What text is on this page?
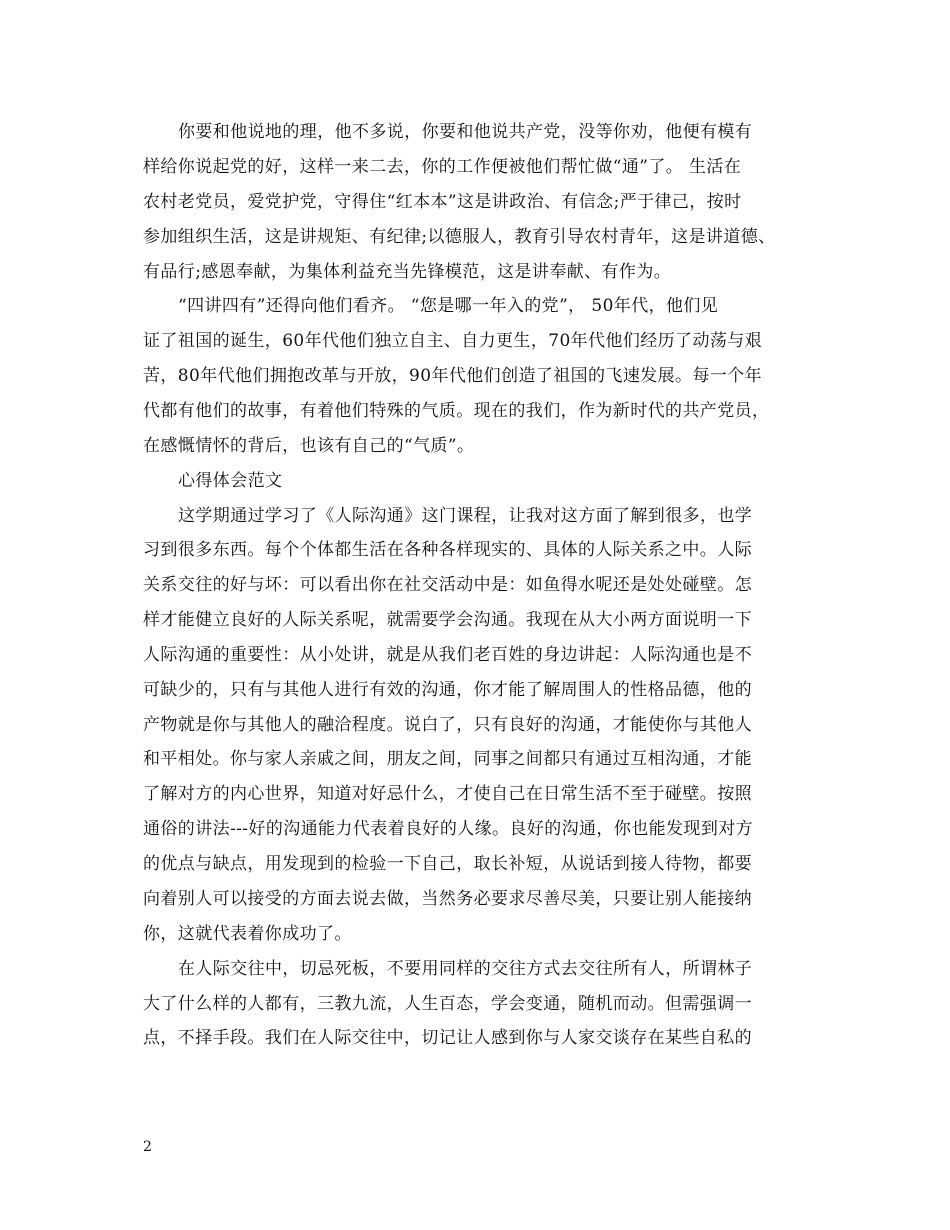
你要和他说地的理，他不多说，你要和他说共产党，没等你劝，他便有模有

样给你说起党的好，这样一来二去，你的工作便被他们帮忙做“通”了。 生活在

农村老党员，爱党护党，守得住“红本本”这是讲政治、有信念;严于律己，按时

参加组织生活，这是讲规矩、有纪律;以德服人，教育引导农村青年，这是讲道德、

有品行;感恩奉献，为集体利益充当先锋模范，这是讲奉献、有作为。

“四讲四有”还得向他们看齐。 “您是哪一年入的党”， 50年代，他们见

证了祖国的诞生，60年代他们独立自主、自力更生，70年代他们经历了动荡与艰

苦，80年代他们拥抱改革与开放，90年代他们创造了祖国的飞速发展。每一个年

代都有他们的故事，有着他们特殊的气质。现在的我们，作为新时代的共产党员，

在感慨情怀的背后，也该有自己的“气质”。

心得体会范文

这学期通过学习了《人际沟通》这门课程，让我对这方面了解到很多，也学

习到很多东西。每个个体都生活在各种各样现实的、具体的人际关系之中。人际

关系交往的好与坏：可以看出你在社交活动中是：如鱼得水呢还是处处碰壁。怎

样才能健立良好的人际关系呢，就需要学会沟通。我现在从大小两方面说明一下

人际沟通的重要性：从小处讲，就是从我们老百姓的身边讲起：人际沟通也是不

可缺少的，只有与其他人进行有效的沟通，你才能了解周围人的性格品德，他的

产物就是你与其他人的融洽程度。说白了，只有良好的沟通，才能使你与其他人

和平相处。你与家人亲戚之间，朋友之间，同事之间都只有通过互相沟通，才能

了解对方的内心世界，知道对好忌什么，才使自己在日常生活不至于碰壁。按照

通俗的讲法---好的沟通能力代表着良好的人缘。良好的沟通，你也能发现到对方

的优点与缺点，用发现到的检验一下自己，取长补短，从说话到接人待物，都要

向着别人可以接受的方面去说去做，当然务必要求尽善尽美，只要让别人能接纳

你，这就代表着你成功了。

在人际交往中，切忌死板，不要用同样的交往方式去交往所有人，所谓林子

大了什么样的人都有，三教九流，人生百态，学会变通，随机而动。但需强调一

点，不择手段。我们在人际交往中，切记让人感到你与人家交谈存在某些自私的

2
